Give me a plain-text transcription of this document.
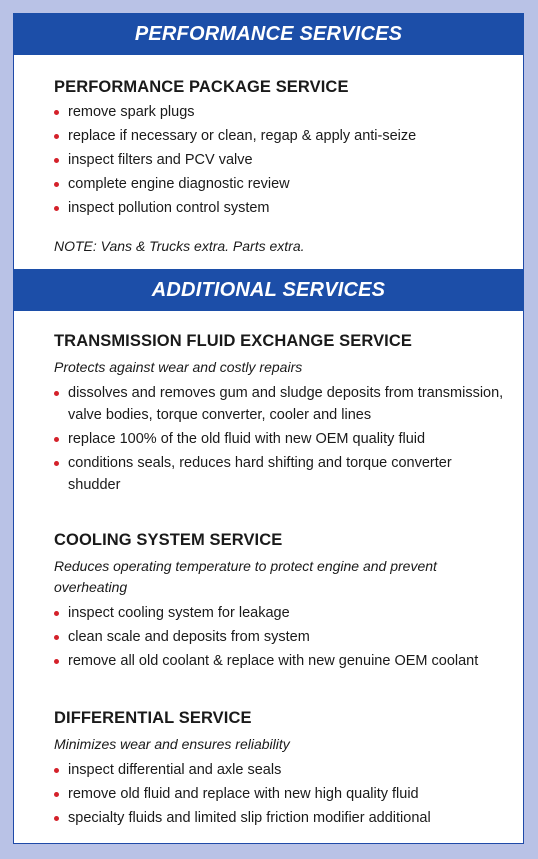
PERFORMANCE SERVICES
PERFORMANCE PACKAGE SERVICE
remove spark plugs
replace if necessary or clean, regap & apply anti-seize
inspect filters and PCV valve
complete engine diagnostic review
inspect pollution control system
NOTE: Vans & Trucks extra. Parts extra.
ADDITIONAL SERVICES
TRANSMISSION FLUID EXCHANGE SERVICE

Protects against wear and costly repairs

dissolves and removes gum and sludge deposits from transmission, valve bodies, torque converter, cooler and lines
replace 100% of the old fluid with new OEM quality fluid
conditions seals, reduces hard shifting and torque converter shudder
COOLING SYSTEM SERVICE

Reduces operating temperature to protect engine and prevent overheating

inspect cooling system for leakage
clean scale and deposits from system
remove all old coolant & replace with new genuine OEM coolant
DIFFERENTIAL SERVICE

Minimizes wear and ensures reliability

inspect differential and axle seals
remove old fluid and replace with new high quality fluid
specialty fluids and limited slip friction modifier additional
